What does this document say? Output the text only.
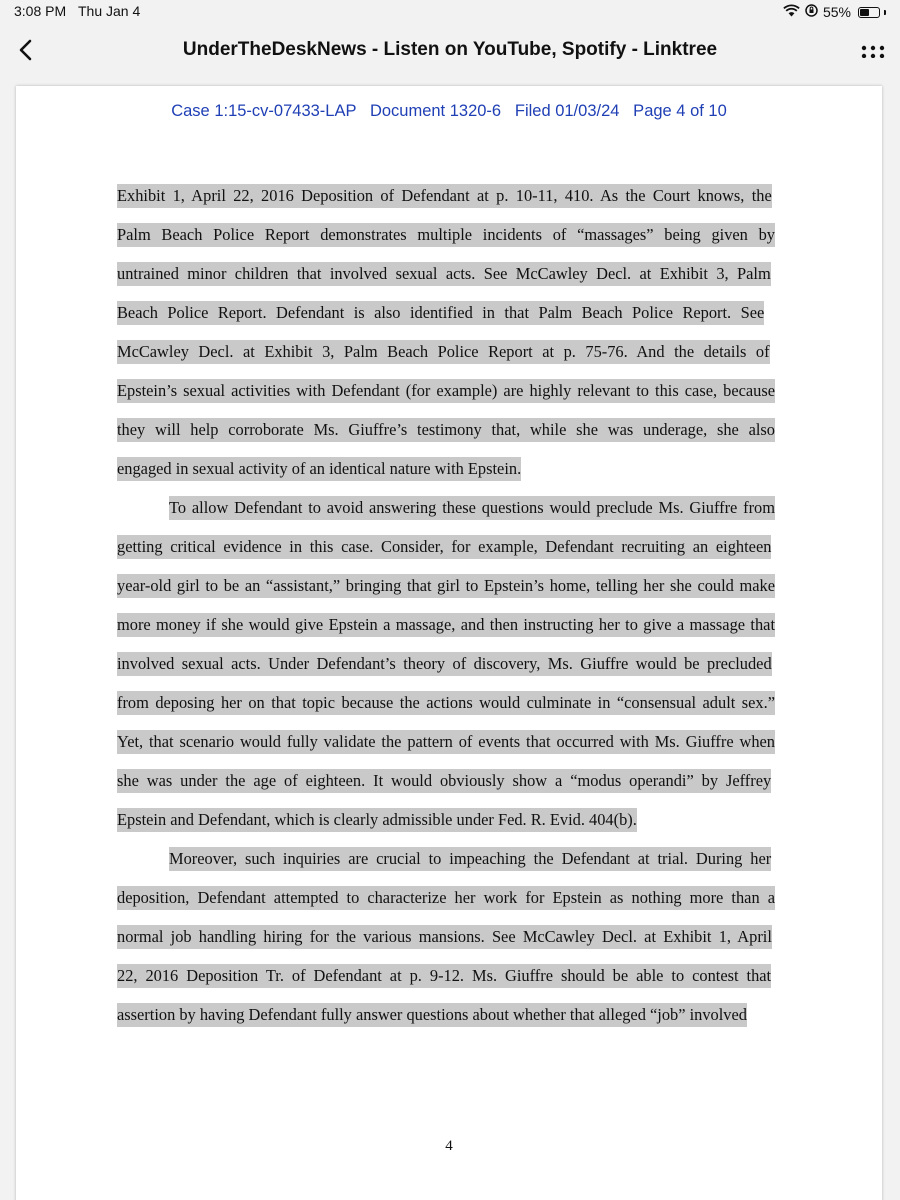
3:08 PM Thu Jan 4	55%
UnderTheDeskNews - Listen on YouTube, Spotify - Linktree
Case 1:15-cv-07433-LAP   Document 1320-6   Filed 01/03/24   Page 4 of 10
Exhibit 1, April 22, 2016 Deposition of Defendant at p. 10-11, 410. As the Court knows, the
Palm Beach Police Report demonstrates multiple incidents of “massages” being given by
untrained minor children that involved sexual acts. See McCawley Decl. at Exhibit 3, Palm
Beach Police Report. Defendant is also identified in that Palm Beach Police Report. See
McCawley Decl. at Exhibit 3, Palm Beach Police Report at p. 75-76. And the details of
Epstein’s sexual activities with Defendant (for example) are highly relevant to this case, because
they will help corroborate Ms. Giuffre’s testimony that, while she was underage, she also
engaged in sexual activity of an identical nature with Epstein.
To allow Defendant to avoid answering these questions would preclude Ms. Giuffre from
getting critical evidence in this case. Consider, for example, Defendant recruiting an eighteen
year-old girl to be an “assistant,” bringing that girl to Epstein’s home, telling her she could make
more money if she would give Epstein a massage, and then instructing her to give a massage that
involved sexual acts. Under Defendant’s theory of discovery, Ms. Giuffre would be precluded
from deposing her on that topic because the actions would culminate in “consensual adult sex.”
Yet, that scenario would fully validate the pattern of events that occurred with Ms. Giuffre when
she was under the age of eighteen. It would obviously show a “modus operandi” by Jeffrey
Epstein and Defendant, which is clearly admissible under Fed. R. Evid. 404(b).
Moreover, such inquiries are crucial to impeaching the Defendant at trial. During her
deposition, Defendant attempted to characterize her work for Epstein as nothing more than a
normal job handling hiring for the various mansions. See McCawley Decl. at Exhibit 1, April
22, 2016 Deposition Tr. of Defendant at p. 9-12. Ms. Giuffre should be able to contest that
assertion by having Defendant fully answer questions about whether that alleged “job” involved
4
